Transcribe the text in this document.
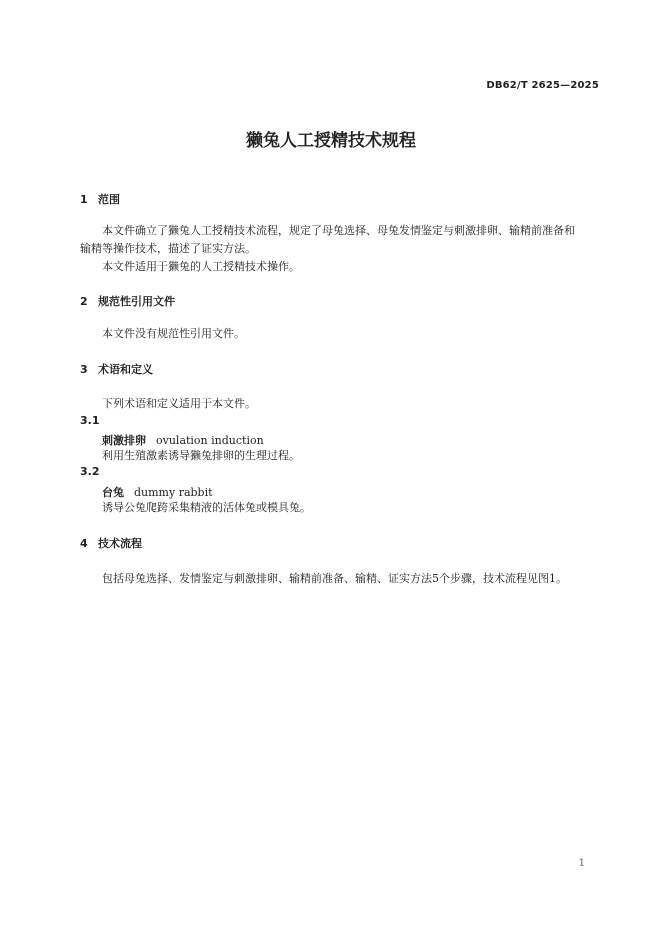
DB62/T 2625—2025
獭兔人工授精技术规程
1 范围
本文件确立了獭兔人工授精技术流程，规定了母兔选择、母兔发情鉴定与刺激排卵、输精前准备和
输精等操作技术，描述了证实方法。
本文件适用于獭兔的人工授精技术操作。
2 规范性引用文件
本文件没有规范性引用文件。
3 术语和定义
下列术语和定义适用于本文件。
3.1
刺激排卵 ovulation induction
利用生殖激素诱导獭兔排卵的生理过程。
3.2
台兔 dummy rabbit
诱导公兔爬跨采集精液的活体兔或模具兔。
4 技术流程
包括母兔选择、发情鉴定与刺激排卵、输精前准备、输精、证实方法5个步骤，技术流程见图1。
1
